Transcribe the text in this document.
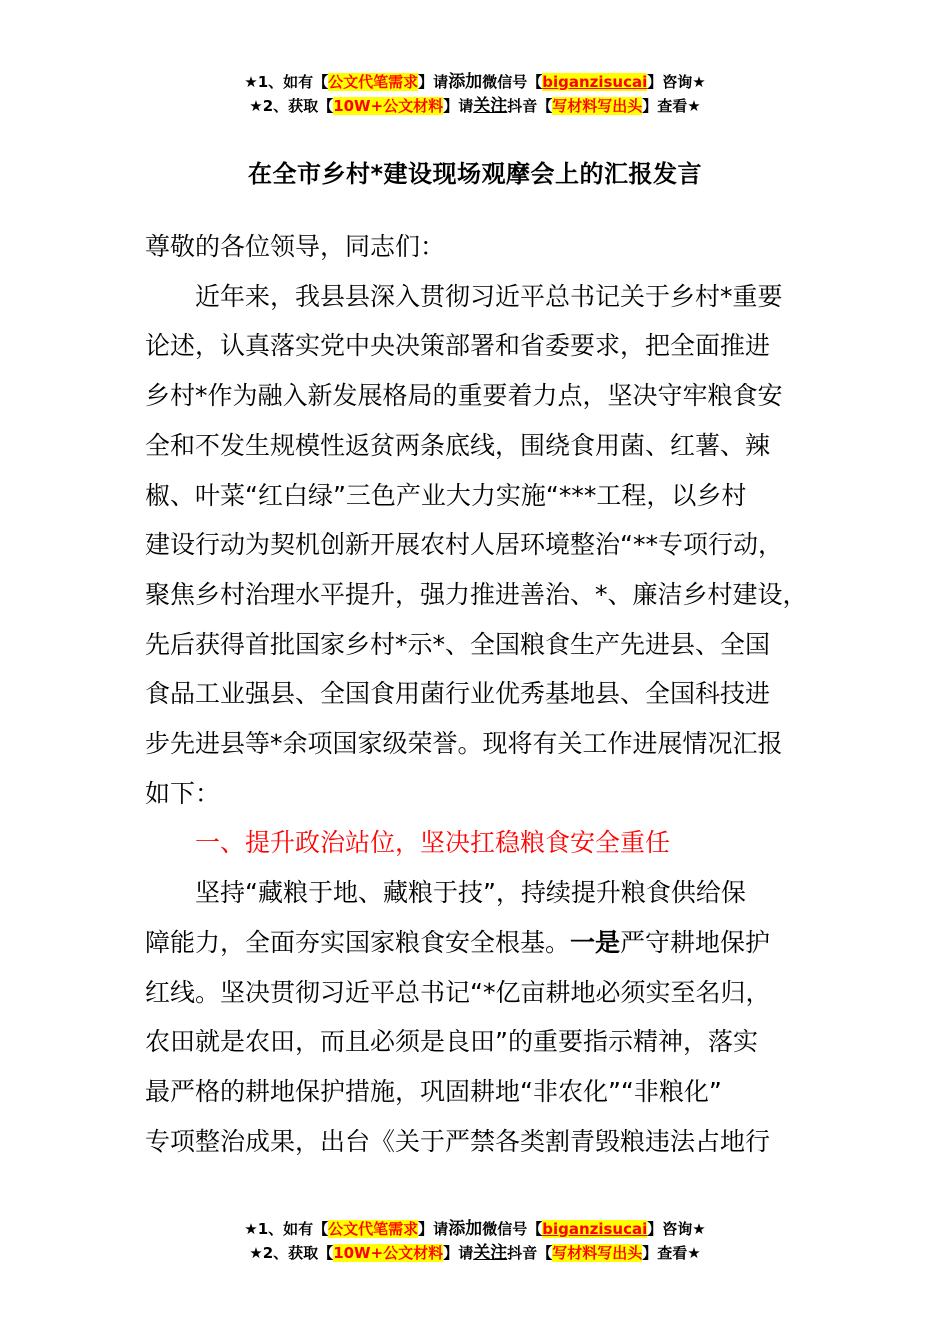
★1、如有【公文代笔需求】请添加微信号【biganzisucai】咨询★
★2、获取【10W+公文材料】请关注抖音【写材料写出头】查看★
在全市乡村*建设现场观摩会上的汇报发言

尊敬的各位领导，同志们：

近年来，我县县深入贯彻习近平总书记关于乡村*重要

论述，认真落实党中央决策部署和省委要求，把全面推进

乡村*作为融入新发展格局的重要着力点，坚决守牢粮食安

全和不发生规模性返贫两条底线，围绕食用菌、红薯、辣

椒、叶菜“红白绿”三色产业大力实施“***工程，以乡村

建设行动为契机创新开展农村人居环境整治“**专项行动，

聚焦乡村治理水平提升，强力推进善治、*、廉洁乡村建设，

先后获得首批国家乡村*示*、全国粮食生产先进县、全国

食品工业强县、全国食用菌行业优秀基地县、全国科技进

步先进县等*余项国家级荣誉。现将有关工作进展情况汇报

如下：

一、提升政治站位，坚决扛稳粮食安全重任

坚持“藏粮于地、藏粮于技”，持续提升粮食供给保

障能力，全面夯实国家粮食安全根基。一是严守耕地保护

红线。坚决贯彻习近平总书记“*亿亩耕地必须实至名归，

农田就是农田，而且必须是良田”的重要指示精神，落实

最严格的耕地保护措施，巩固耕地“非农化”“非粮化”

专项整治成果，出台《关于严禁各类割青毁粮违法占地行

★1、如有【公文代笔需求】请添加微信号【biganzisucai】咨询★
★2、获取【10W+公文材料】请关注抖音【写材料写出头】查看★
